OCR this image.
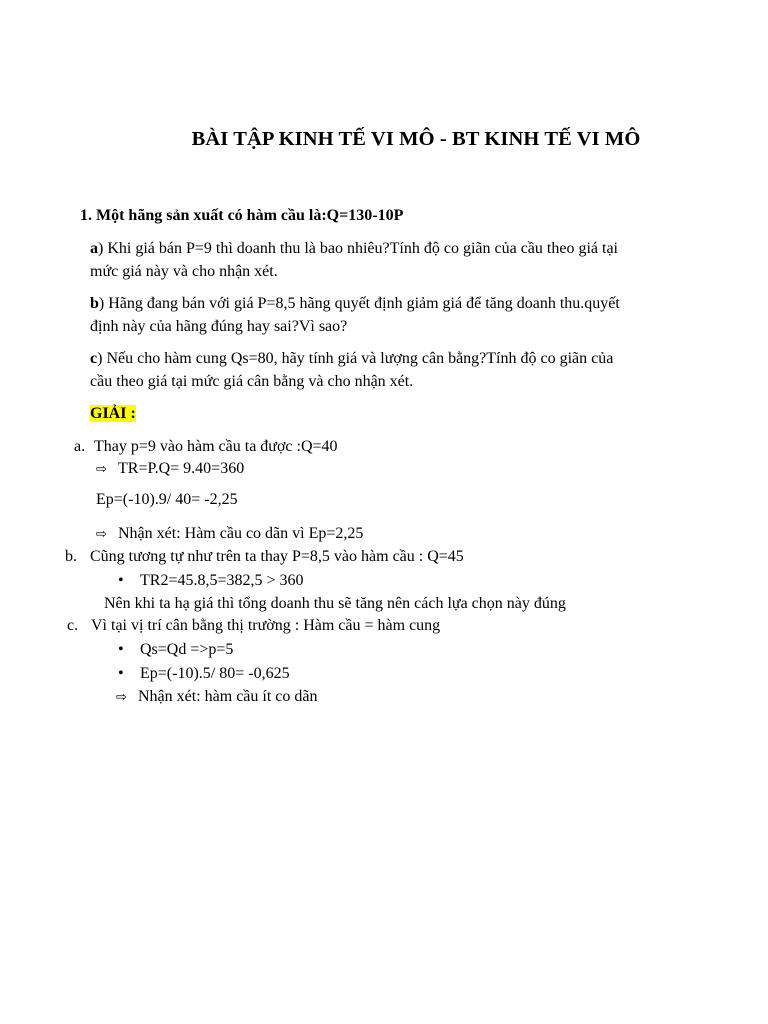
BÀI TẬP KINH TẾ VI MÔ - BT KINH TẾ VI MÔ
1. Một hãng sản xuất có hàm cầu là:Q=130-10P
a) Khi giá bán P=9 thì doanh thu là bao nhiêu?Tính độ co giãn của cầu theo giá tại
mức giá này và cho nhận xét.
b) Hãng đang bán với giá P=8,5 hãng quyết định giảm giá để tăng doanh thu.quyết
định này của hãng đúng hay sai?Vì sao?
c) Nếu cho hàm cung Qs=80, hãy tính giá và lượng cân bằng?Tính độ co giãn của
cầu theo giá tại mức giá cân bằng và cho nhận xét.
GIẢI :
a. Thay p=9 vào hàm cầu ta được :Q=40
⇨ TR=P.Q= 9.40=360
Ep=(-10).9/ 40= -2,25
⇨ Nhận xét: Hàm cầu co dãn vì Ep=2,25
b. Cũng tương tự như trên ta thay P=8,5 vào hàm cầu : Q=45
• TR2=45.8,5=382,5 > 360
Nên khi ta hạ giá thì tổng doanh thu sẽ tăng nên cách lựa chọn này đúng
c. Vì tại vị trí cân bằng thị trường : Hàm cầu = hàm cung
• Qs=Qd =>p=5
• Ep=(-10).5/ 80= -0,625
⇨ Nhận xét: hàm cầu ít co dãn
